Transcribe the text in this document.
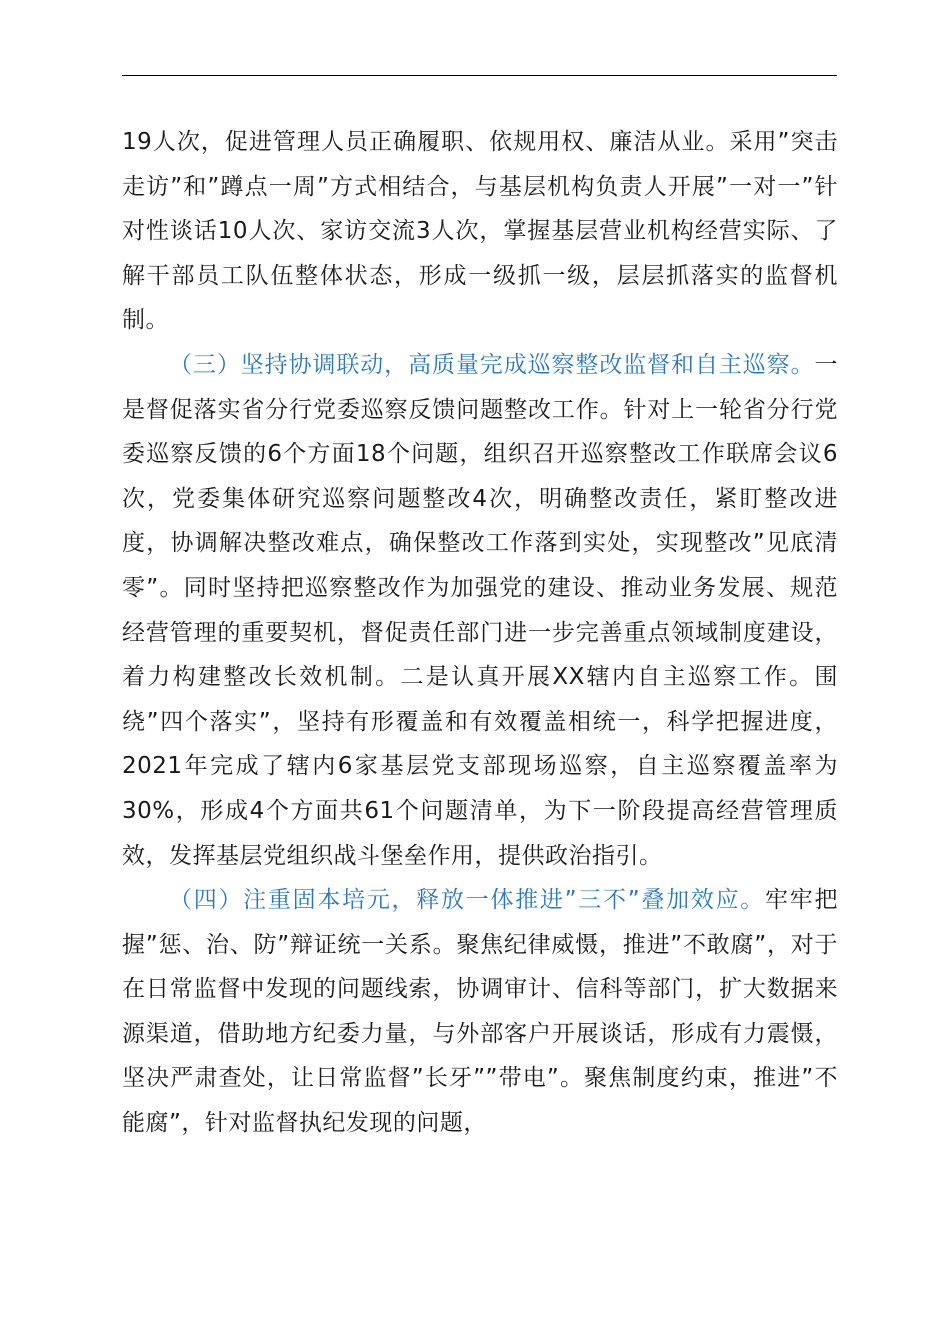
19人次，促进管理人员正确履职、依规用权、廉洁从业。采用”突击走访”和”蹲点一周”方式相结合，与基层机构负责人开展”一对一”针对性谈话10人次、家访交流3人次，掌握基层营业机构经营实际、了解干部员工队伍整体状态，形成一级抓一级，层层抓落实的监督机制。

（三）坚持协调联动，高质量完成巡察整改监督和自主巡察。一是督促落实省分行党委巡察反馈问题整改工作。针对上一轮省分行党委巡察反馈的6个方面18个问题，组织召开巡察整改工作联席会议6次，党委集体研究巡察问题整改4次，明确整改责任，紧盯整改进度，协调解决整改难点，确保整改工作落到实处，实现整改”见底清零”。同时坚持把巡察整改作为加强党的建设、推动业务发展、规范经营管理的重要契机，督促责任部门进一步完善重点领域制度建设，着力构建整改长效机制。二是认真开展XX辖内自主巡察工作。围绕”四个落实”，坚持有形覆盖和有效覆盖相统一，科学把握进度，2021年完成了辖内6家基层党支部现场巡察，自主巡察覆盖率为30%，形成4个方面共61个问题清单，为下一阶段提高经营管理质效，发挥基层党组织战斗堡垒作用，提供政治指引。

（四）注重固本培元，释放一体推进”三不”叠加效应。牢牢把握”惩、治、防”辩证统一关系。聚焦纪律威慑，推进”不敢腐”，对于在日常监督中发现的问题线索，协调审计、信科等部门，扩大数据来源渠道，借助地方纪委力量，与外部客户开展谈话，形成有力震慑，坚决严肃查处，让日常监督”长牙””带电”。聚焦制度约束，推进”不能腐”，针对监督执纪发现的问题，
